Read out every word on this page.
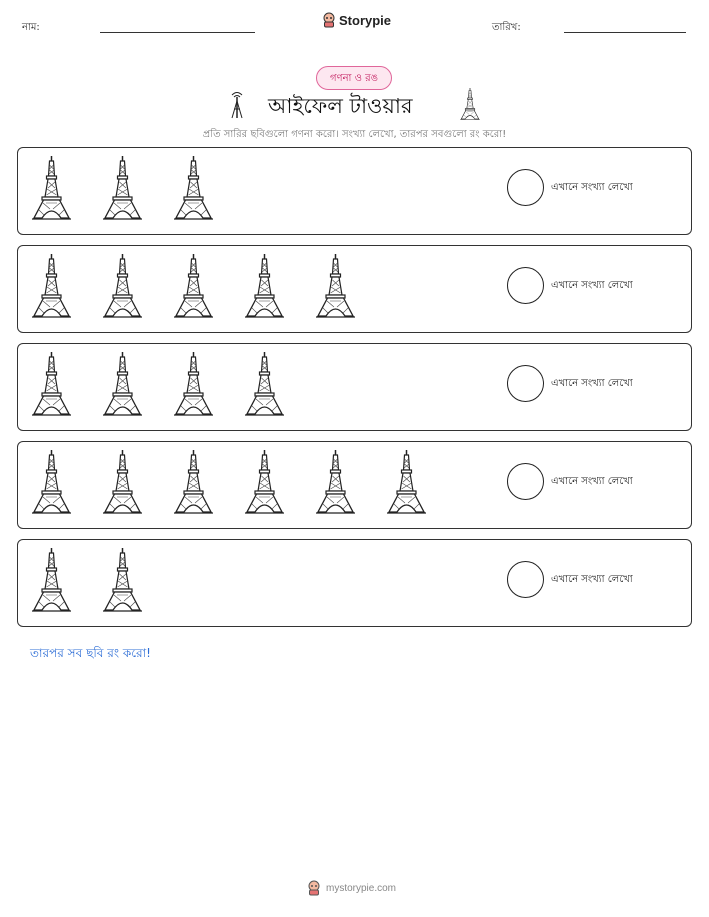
নাম:	Storypie	তারিখ:
গণনা ও রঙ
আইফেল টাওয়ার
প্রতি সারির ছবিগুলো গণনা করো। সংখ্যা লেখো, তারপর সবগুলো রং করো!
এখানে সংখ্যা লেখো
এখানে সংখ্যা লেখো
এখানে সংখ্যা লেখো
এখানে সংখ্যা লেখো
এখানে সংখ্যা লেখো
তারপর সব ছবি রং করো!
mystorypie.com
